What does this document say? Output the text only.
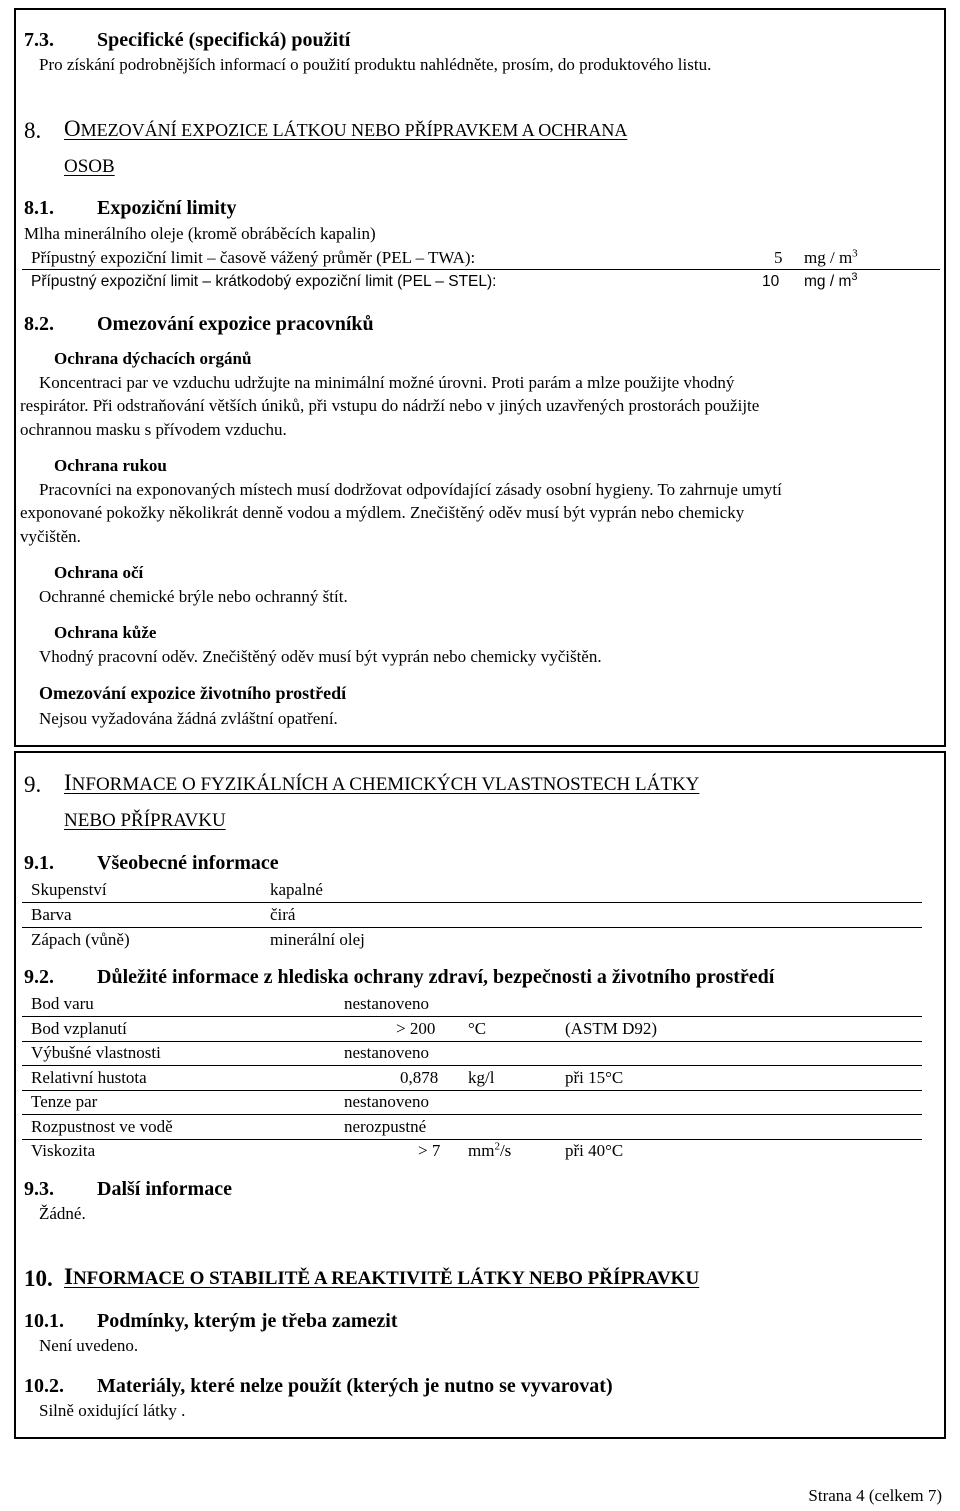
7.3. Specifické (specifická) použití
Pro získání podrobnějších informací o použití produktu nahlédněte, prosím, do produktového listu.
8. OMEZOVÁNÍ EXPOZICE LÁTKOU NEBO PŘÍPRAVKEM A OCHRANA
OSOB
8.1. Expoziční limity
Mlha minerálního oleje (kromě obráběcích kapalin)
Přípustný expoziční limit – časově vážený průměr (PEL – TWA):	5 mg / $m^3$
Přípustný expoziční limit – krátkodobý expoziční limit (PEL – STEL):	10 mg / $m^3$
8.2. Omezování expozice pracovníků
Ochrana dýchacích orgánů
Koncentraci par ve vzduchu udržujte na minimální možné úrovni. Proti parám a mlze použijte vhodný
respirátor. Při odstraňování větších úniků, při vstupu do nádrží nebo v jiných uzavřených prostorách použijte
ochrannou masku s přívodem vzduchu.
Ochrana rukou
Pracovníci na exponovaných místech musí dodržovat odpovídající zásady osobní hygieny. To zahrnuje umytí
exponované pokožky několikrát denně vodou a mýdlem. Znečištěný oděv musí být vyprán nebo chemicky
vyčištěn.
Ochrana očí
Ochranné chemické brýle nebo ochranný štít.
Ochrana kůže
Vhodný pracovní oděv. Znečištěný oděv musí být vyprán nebo chemicky vyčištěn.
Omezování expozice životního prostředí
Nejsou vyžadována žádná zvláštní opatření.
9. INFORMACE O FYZIKÁLNÍCH A CHEMICKÝCH VLASTNOSTECH LÁTKY
NEBO PŘÍPRAVKU
9.1. Všeobecné informace
Skupenství	kapalné
Barva	čirá
Zápach (vůně)	minerální olej
9.2. Důležité informace z hlediska ochrany zdraví, bezpečnosti a životního prostředí
Bod varu	nestanoveno
Bod vzplanutí	> 200 °C	(ASTM D92)
Výbušné vlastnosti	nestanoveno
Relativní hustota	0,878 kg/l	při 15°C
Tenze par	nestanoveno
Rozpustnost ve vodě	nerozpustné
Viskozita	> 7 $mm^2/s$	při 40°C
9.3. Další informace
Žádné.
10. INFORMACE O STABILITĚ A REAKTIVITĚ LÁTKY NEBO PŘÍPRAVKU
10.1. Podmínky, kterým je třeba zamezit
Není uvedeno.
10.2. Materiály, které nelze použít (kterých je nutno se vyvarovat)
Silně oxidující látky .
Strana 4 (celkem 7)
